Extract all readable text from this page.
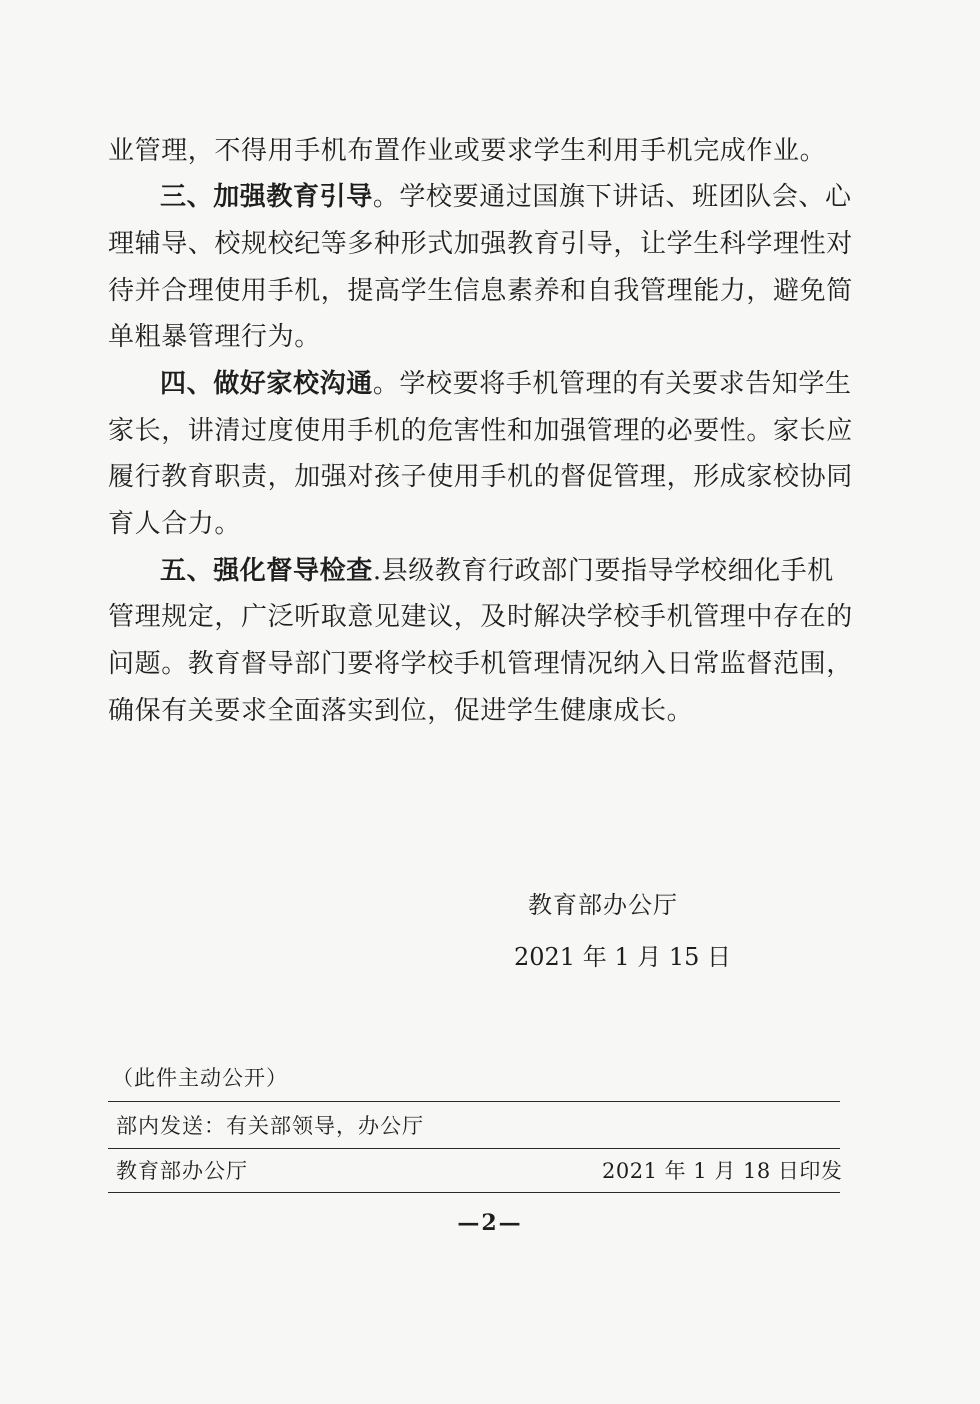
业管理，不得用手机布置作业或要求学生利用手机完成作业。
三、加强教育引导。学校要通过国旗下讲话、班团队会、心
理辅导、校规校纪等多种形式加强教育引导，让学生科学理性对
待并合理使用手机，提高学生信息素养和自我管理能力，避免简
单粗暴管理行为。
四、做好家校沟通。学校要将手机管理的有关要求告知学生
家长，讲清过度使用手机的危害性和加强管理的必要性。家长应
履行教育职责，加强对孩子使用手机的督促管理，形成家校协同
育人合力。
五、强化督导检查.县级教育行政部门要指导学校细化手机
管理规定，广泛听取意见建议，及时解决学校手机管理中存在的
问题。教育督导部门要将学校手机管理情况纳入日常监督范围，
确保有关要求全面落实到位，促进学生健康成长。
教育部办公厅
2021 年 1 月 15 日
（此件主动公开）
部内发送：有关部领导，办公厅
教育部办公厅	2021 年 1 月 18 日印发
—2—
